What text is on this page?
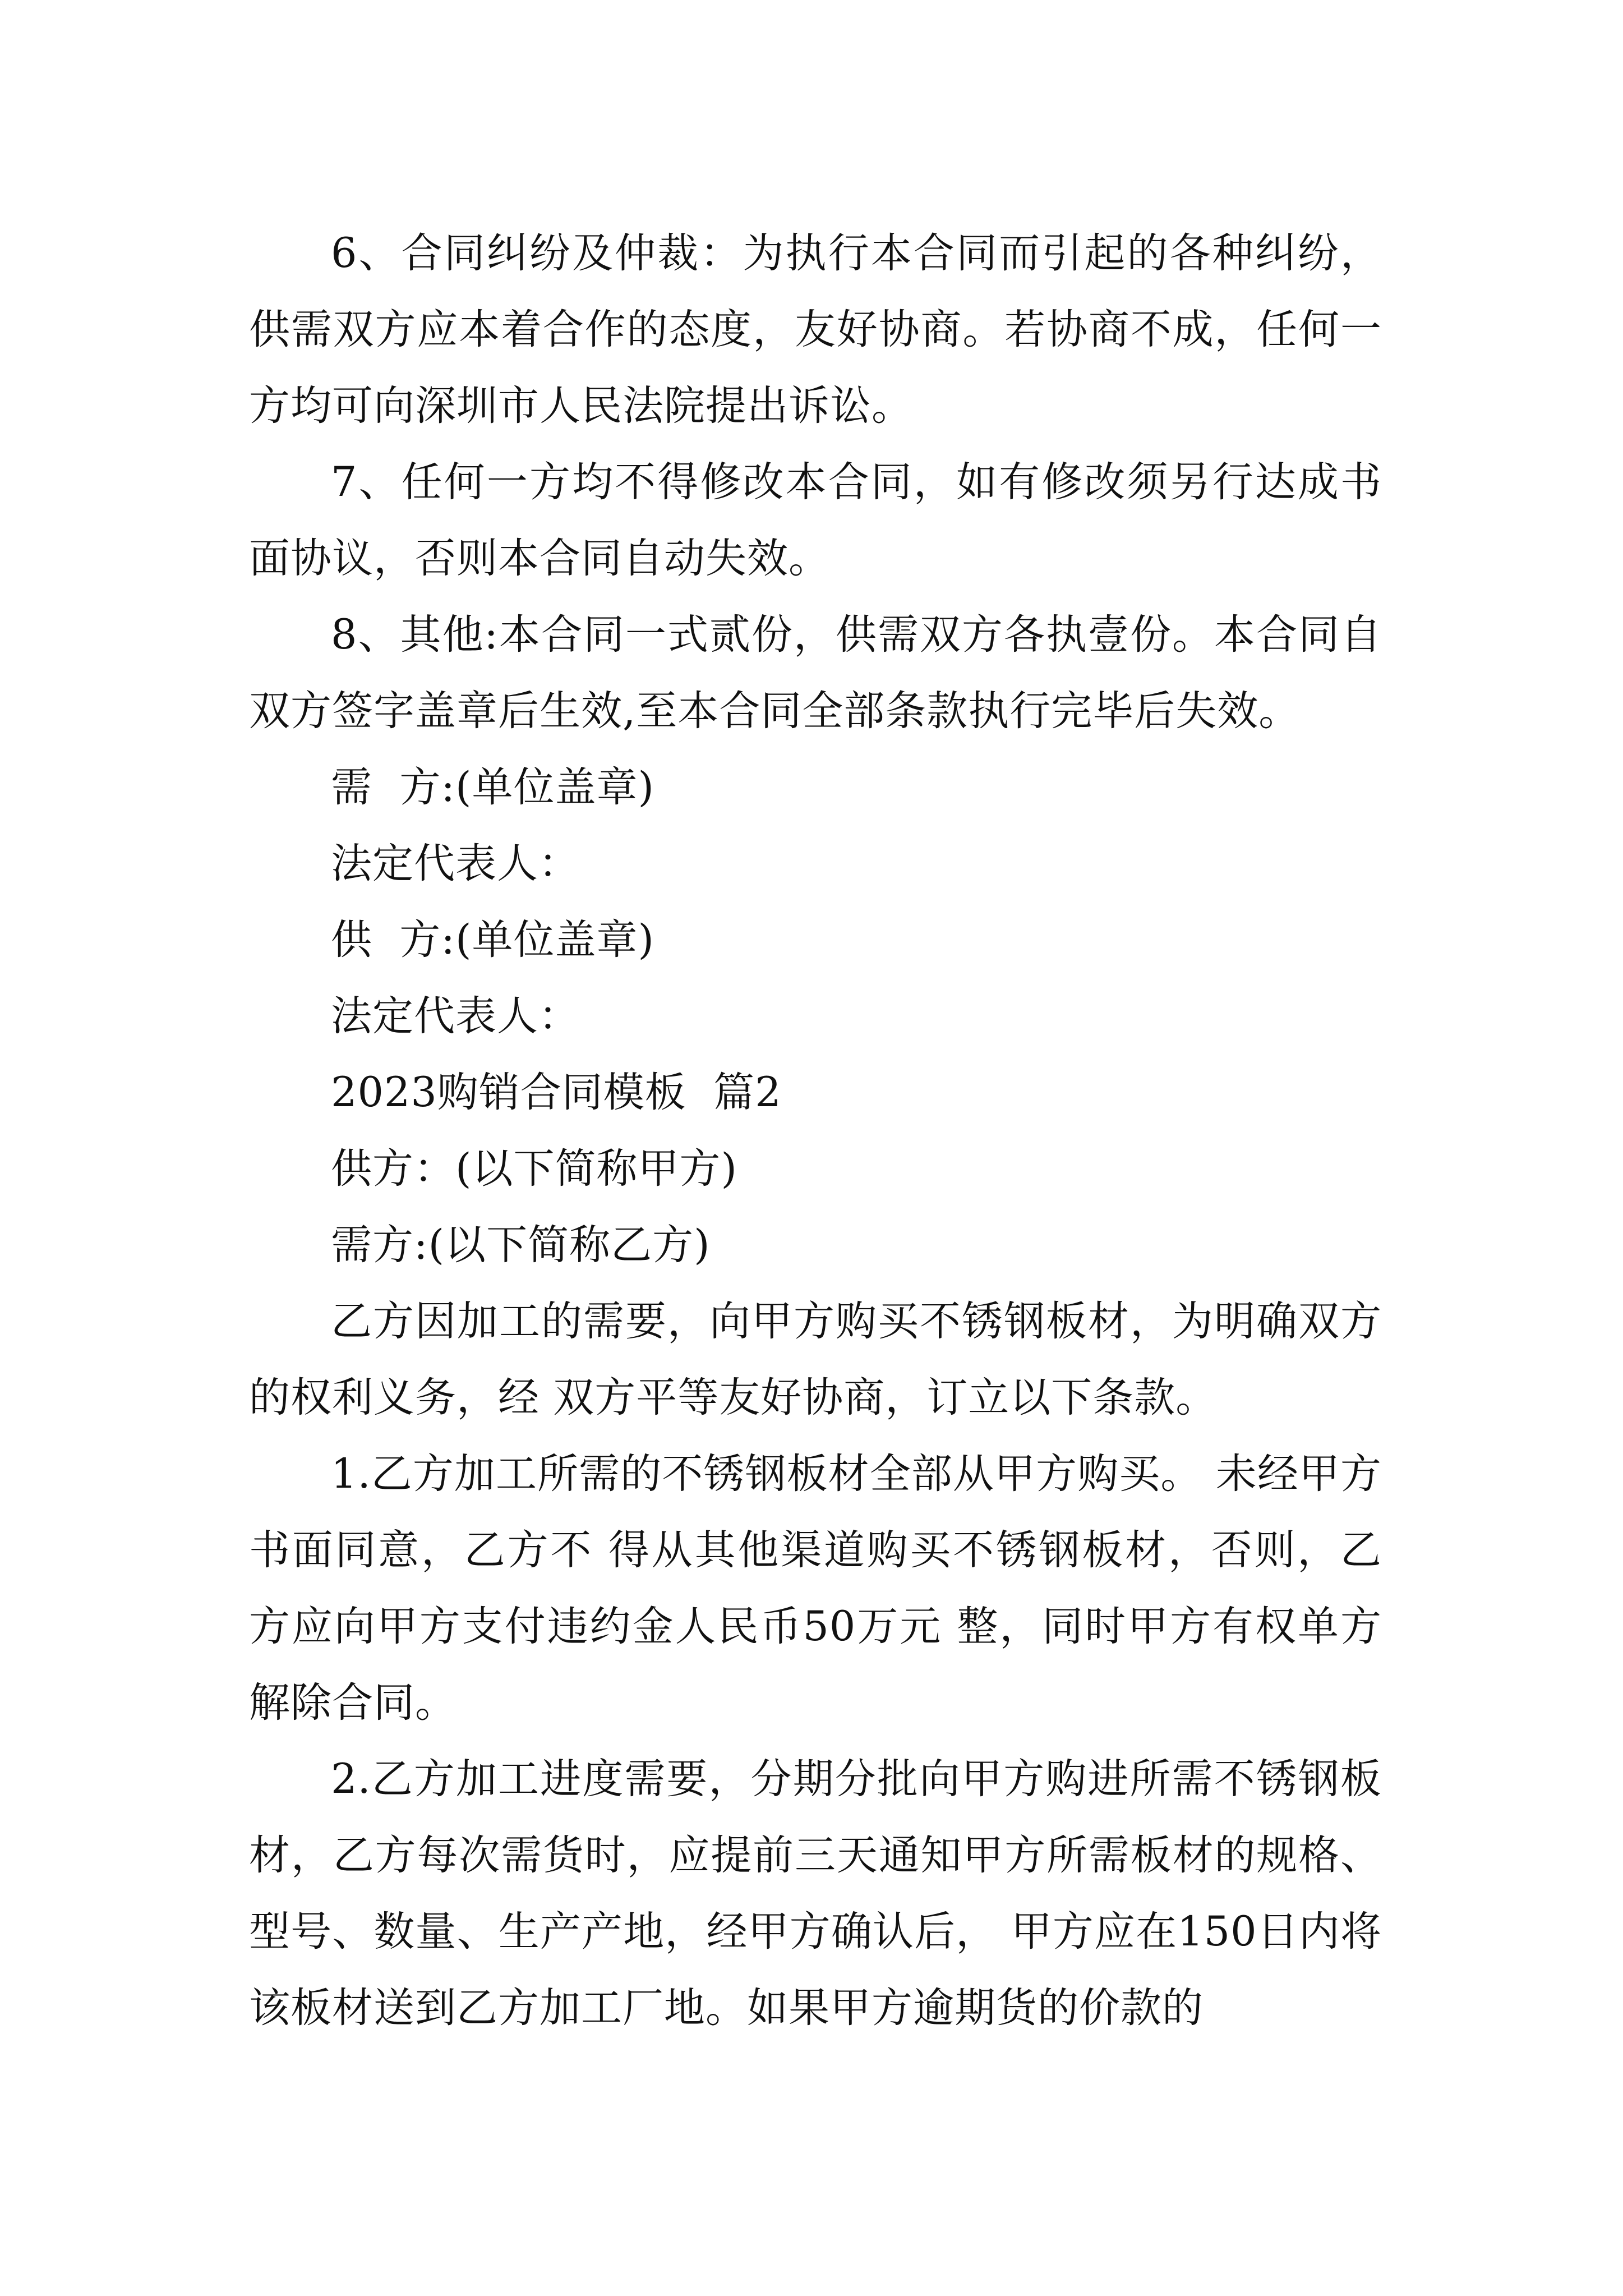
6、合同纠纷及仲裁：为执行本合同而引起的各种纠纷，供需双方应本着合作的态度，友好协商。若协商不成，任何一方均可向深圳市人民法院提出诉讼。

7、任何一方均不得修改本合同，如有修改须另行达成书面协议，否则本合同自动失效。

8、其他:本合同一式贰份，供需双方各执壹份。本合同自双方签字盖章后生效,至本合同全部条款执行完毕后失效。

需  方:(单位盖章)

法定代表人：

供  方:(单位盖章)

法定代表人：

2023购销合同模板  篇2

供方：(以下简称甲方)

需方:(以下简称乙方)

乙方因加工的需要，向甲方购买不锈钢板材，为明确双方的权利义务，经 双方平等友好协商，订立以下条款。

1.乙方加工所需的不锈钢板材全部从甲方购买。 未经甲方书面同意，乙方不 得从其他渠道购买不锈钢板材，否则，乙方应向甲方支付违约金人民币50万元 整，同时甲方有权单方解除合同。

2.乙方加工进度需要，分期分批向甲方购进所需不锈钢板材，乙方每次需货时，应提前三天通知甲方所需板材的规格、型号、数量、生产产地，经甲方确认后， 甲方应在150日内将该板材送到乙方加工厂地。如果甲方逾期货的价款的
